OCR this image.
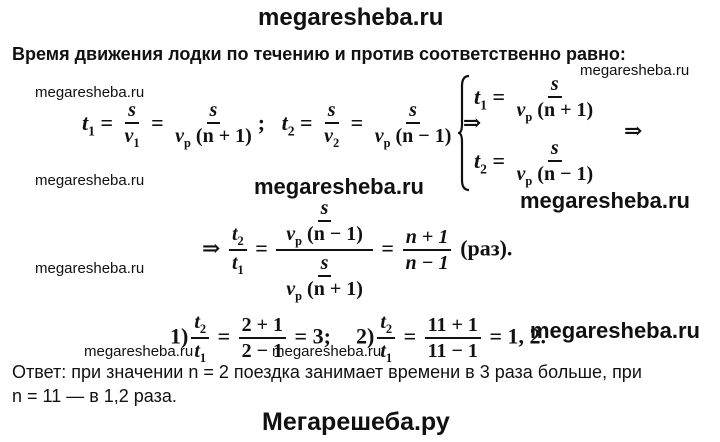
megaresheba.ru
Время движения лодки по течению и против соответственно равно:
megaresheba.ru
megaresheba.ru
megaresheba.ru	megaresheba.ru
megaresheba.ru
megaresheba.ru
megaresheba.ru
megaresheba.ru	megaresheba.ru
$t_1 = \frac{s}{v_1} = \frac{s}{v_р (n + 1)}$ ; $t_2 = \frac{s}{v_2} = \frac{s}{v_р (n - 1)}$ ⇒
$t_1 = \frac{s}{v_р (n + 1)}$
⇒
$t_2 = \frac{s}{v_р (n - 1)}$
⇒ $\frac{t_2}{t_1} = \frac{\frac{s}{v_р (n - 1)}}{\frac{s}{v_р (n + 1)}} = \frac{n + 1}{n - 1} (раз)$.
$1) \frac{t_2}{t_1} = \frac{2 + 1}{2 - 1} = 3$; $2) \frac{t_2}{t_1} = \frac{11 + 1}{11 - 1} = 1$, 2.
Ответ: при значении n = 2 поездка занимает времени в 3 раза больше, при
n = 11 — в 1,2 раза.
Мегарешеба.ру
